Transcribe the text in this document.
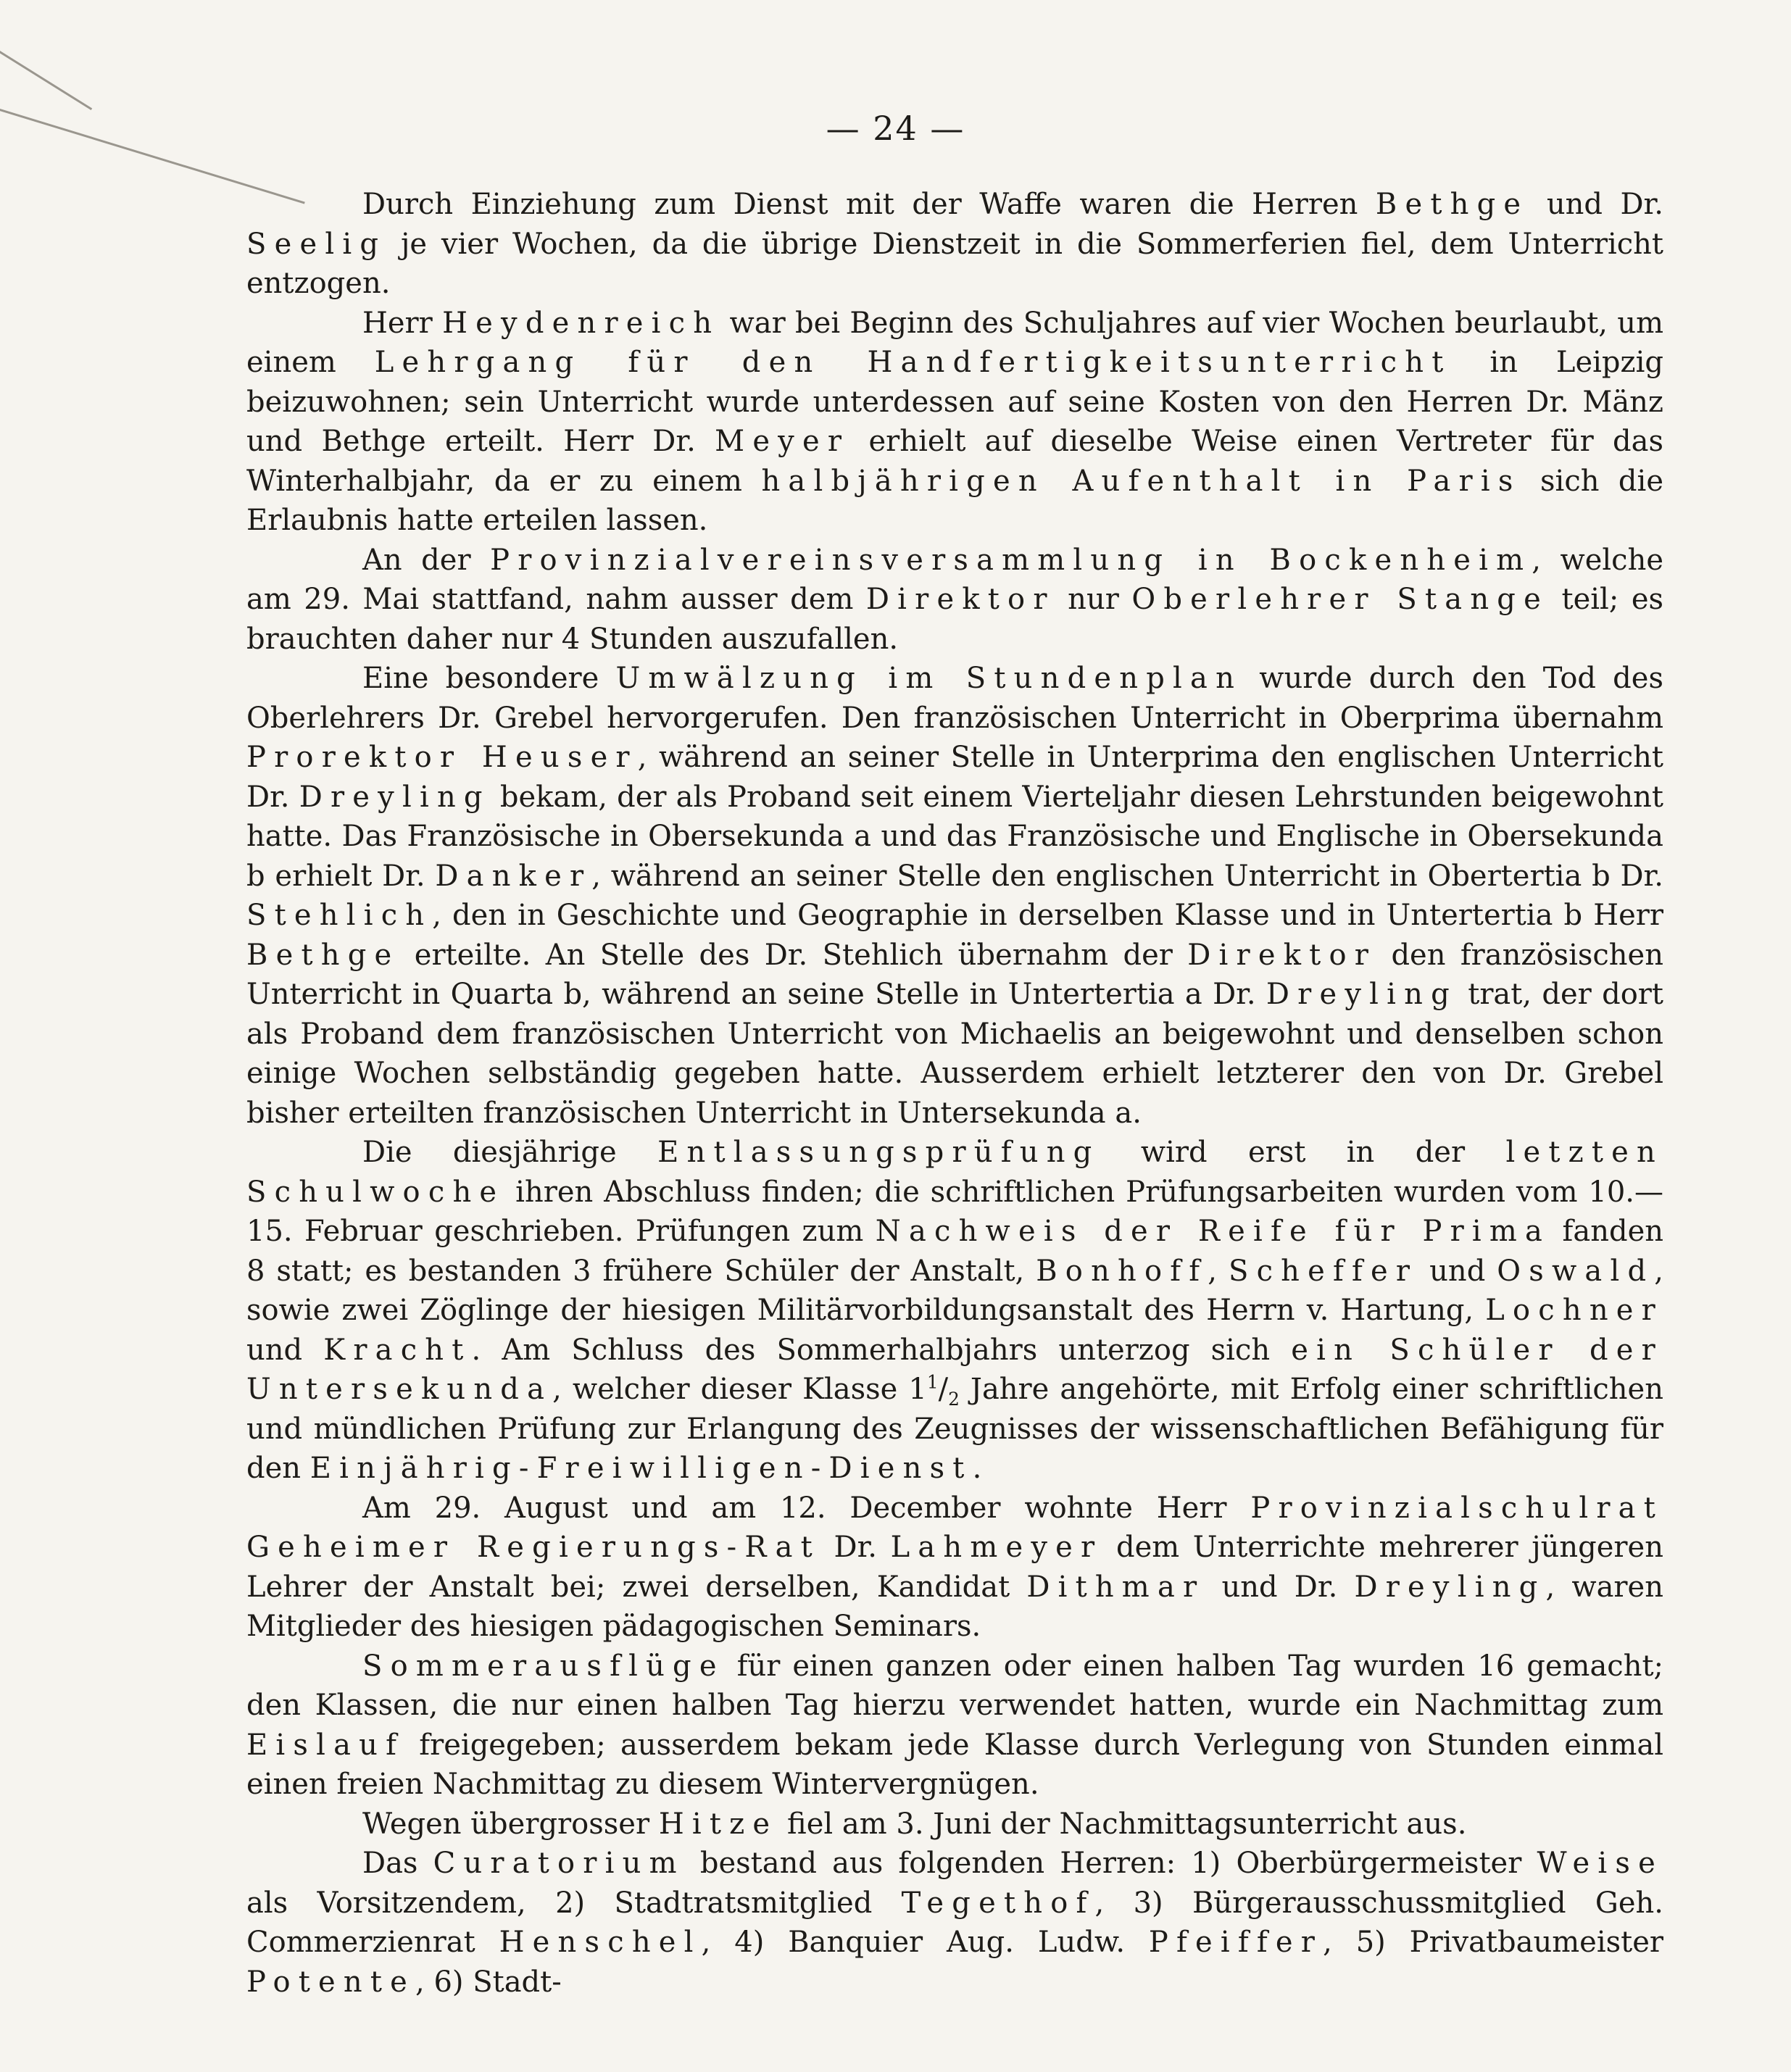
— 24 —

Durch Einziehung zum Dienst mit der Waffe waren die Herren Bethge und Dr. Seelig je vier Wochen, da die übrige Dienstzeit in die Sommerferien fiel, dem Unterricht entzogen.

Herr Heydenreich war bei Beginn des Schuljahres auf vier Wochen beurlaubt, um einem Lehrgang für den Handfertigkeitsunterricht in Leipzig beizuwohnen; sein Unterricht wurde unterdessen auf seine Kosten von den Herren Dr. Mänz und Bethge erteilt. Herr Dr. Meyer erhielt auf dieselbe Weise einen Vertreter für das Winterhalbjahr, da er zu einem halbjährigen Aufenthalt in Paris sich die Erlaubnis hatte erteilen lassen.

An der Provinzialvereinsversammlung in Bockenheim, welche am 29. Mai stattfand, nahm ausser dem Direktor nur Oberlehrer Stange teil; es brauchten daher nur 4 Stunden auszufallen.

Eine besondere Umwälzung im Stundenplan wurde durch den Tod des Oberlehrers Dr. Grebel hervorgerufen. Den französischen Unterricht in Oberprima übernahm Prorektor Heuser, während an seiner Stelle in Unterprima den englischen Unterricht Dr. Dreyling bekam, der als Proband seit einem Vierteljahr diesen Lehrstunden beigewohnt hatte. Das Französische in Obersekunda a und das Französische und Englische in Obersekunda b erhielt Dr. Danker, während an seiner Stelle den englischen Unterricht in Obertertia b Dr. Stehlich, den in Geschichte und Geographie in derselben Klasse und in Untertertia b Herr Bethge erteilte. An Stelle des Dr. Stehlich übernahm der Direktor den französischen Unterricht in Quarta b, während an seine Stelle in Untertertia a Dr. Dreyling trat, der dort als Proband dem französischen Unterricht von Michaelis an beigewohnt und denselben schon einige Wochen selbständig gegeben hatte. Ausserdem erhielt letzterer den von Dr. Grebel bisher erteilten französischen Unterricht in Untersekunda a.

Die diesjährige Entlassungsprüfung wird erst in der letzten Schulwoche ihren Abschluss finden; die schriftlichen Prüfungsarbeiten wurden vom 10.—15. Februar geschrieben. Prüfungen zum Nachweis der Reife für Prima fanden 8 statt; es bestanden 3 frühere Schüler der Anstalt, Bonhoff, Scheffer und Oswald, sowie zwei Zöglinge der hiesigen Militärvorbildungsanstalt des Herrn v. Hartung, Lochner und Kracht. Am Schluss des Sommerhalbjahrs unterzog sich ein Schüler der Untersekunda, welcher dieser Klasse $1^1/_2$ Jahre angehörte, mit Erfolg einer schriftlichen und mündlichen Prüfung zur Erlangung des Zeugnisses der wissenschaftlichen Befähigung für den Einjährig-Freiwilligen-Dienst.

Am 29. August und am 12. December wohnte Herr Provinzialschulrat Geheimer Regierungs-Rat Dr. Lahmeyer dem Unterrichte mehrerer jüngeren Lehrer der Anstalt bei; zwei derselben, Kandidat Dithmar und Dr. Dreyling, waren Mitglieder des hiesigen pädagogischen Seminars.

Sommerausflüge für einen ganzen oder einen halben Tag wurden 16 gemacht; den Klassen, die nur einen halben Tag hierzu verwendet hatten, wurde ein Nachmittag zum Eislauf freigegeben; ausserdem bekam jede Klasse durch Verlegung von Stunden einmal einen freien Nachmittag zu diesem Wintervergnügen.

Wegen übergrosser Hitze fiel am 3. Juni der Nachmittagsunterricht aus.

Das Curatorium bestand aus folgenden Herren: 1) Oberbürgermeister Weise als Vorsitzendem, 2) Stadtratsmitglied Tegethof, 3) Bürgerausschussmitglied Geh. Commerzienrat Henschel, 4) Banquier Aug. Ludw. Pfeiffer, 5) Privatbaumeister Potente, 6) Stadt-
